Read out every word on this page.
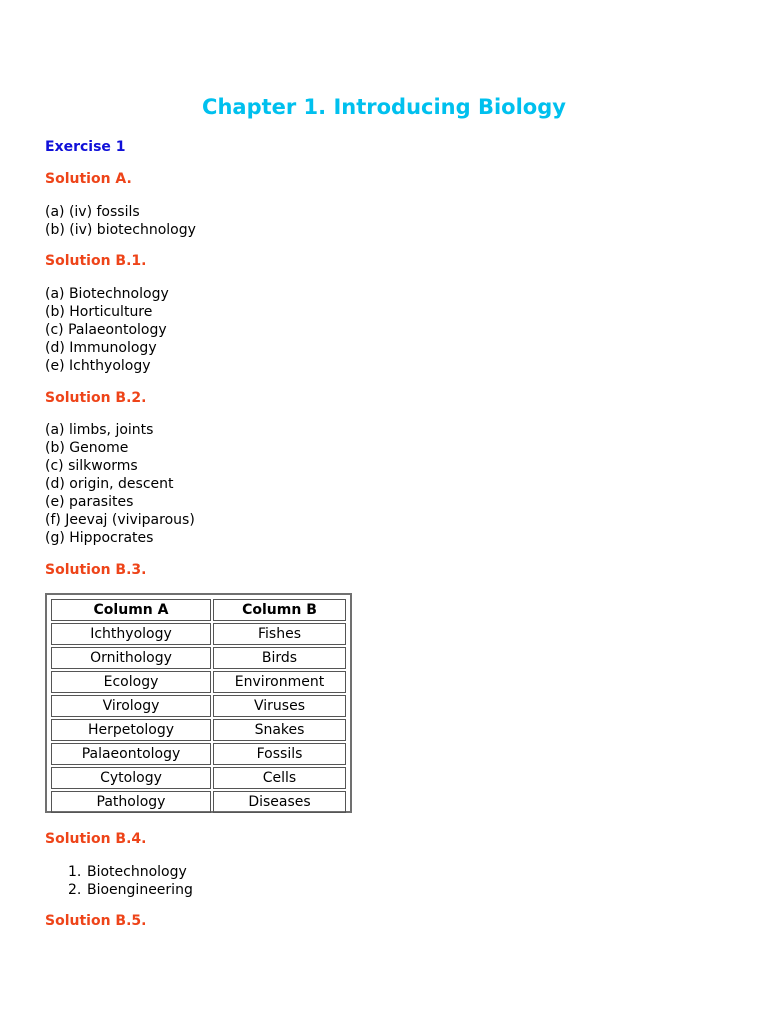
Chapter 1. Introducing Biology
Exercise 1
Solution A.
(a) (iv) fossils
(b) (iv) biotechnology
Solution B.1.
(a) Biotechnology
(b) Horticulture
(c) Palaeontology
(d) Immunology
(e) Ichthyology
Solution B.2.
(a) limbs, joints
(b) Genome
(c) silkworms
(d) origin, descent
(e) parasites
(f) Jeevaj (viviparous)
(g) Hippocrates
Solution B.3.
Column A	Column B
Ichthyology	Fishes
Ornithology	Birds
Ecology	Environment
Virology	Viruses
Herpetology	Snakes
Palaeontology	Fossils
Cytology	Cells
Pathology	Diseases
Solution B.4.
1. Biotechnology
2. Bioengineering
Solution B.5.
